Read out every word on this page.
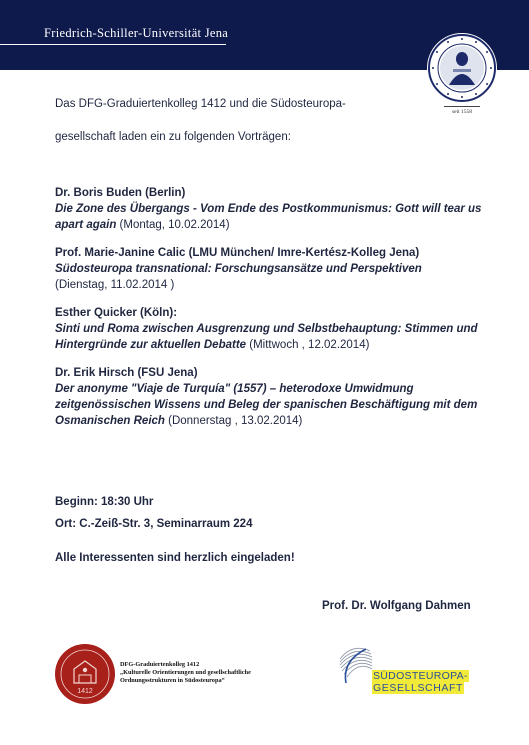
Friedrich-Schiller-Universität Jena
seit 1558
Das DFG-Graduiertenkolleg 1412 und die Südosteuropa-
gesellschaft laden ein zu folgenden Vorträgen:
Dr. Boris Buden (Berlin)
Die Zone des Übergangs - Vom Ende des Postkommunismus: Gott will tear us apart again (Montag, 10.02.2014)
Prof. Marie-Janine Calic (LMU München/ Imre-Kertész-Kolleg Jena)
Südosteuropa transnational: Forschungsansätze und Perspektiven
(Dienstag, 11.02.2014 )
Esther Quicker (Köln):
Sinti und Roma zwischen Ausgrenzung und Selbstbehauptung: Stimmen und Hintergründe zur aktuellen Debatte (Mittwoch , 12.02.2014)
Dr. Erik Hirsch (FSU Jena)
Der anonyme "Viaje de Turquía" (1557) – heterodoxe Umwidmung zeitgenössischen Wissens und Beleg der spanischen Beschäftigung mit dem Osmanischen Reich (Donnerstag , 13.02.2014)
Beginn: 18:30 Uhr
Ort: C.-Zeiß-Str. 3, Seminarraum 224
Alle Interessenten sind herzlich eingeladen!
Prof. Dr. Wolfgang Dahmen
1412
DFG-Graduiertenkolleg 1412
„Kulturelle Orientierungen und gesellschaftliche
Ordnungsstrukturen in Südosteuropa“	SÜDOSTEUROPA-
GESELLSCHAFT
